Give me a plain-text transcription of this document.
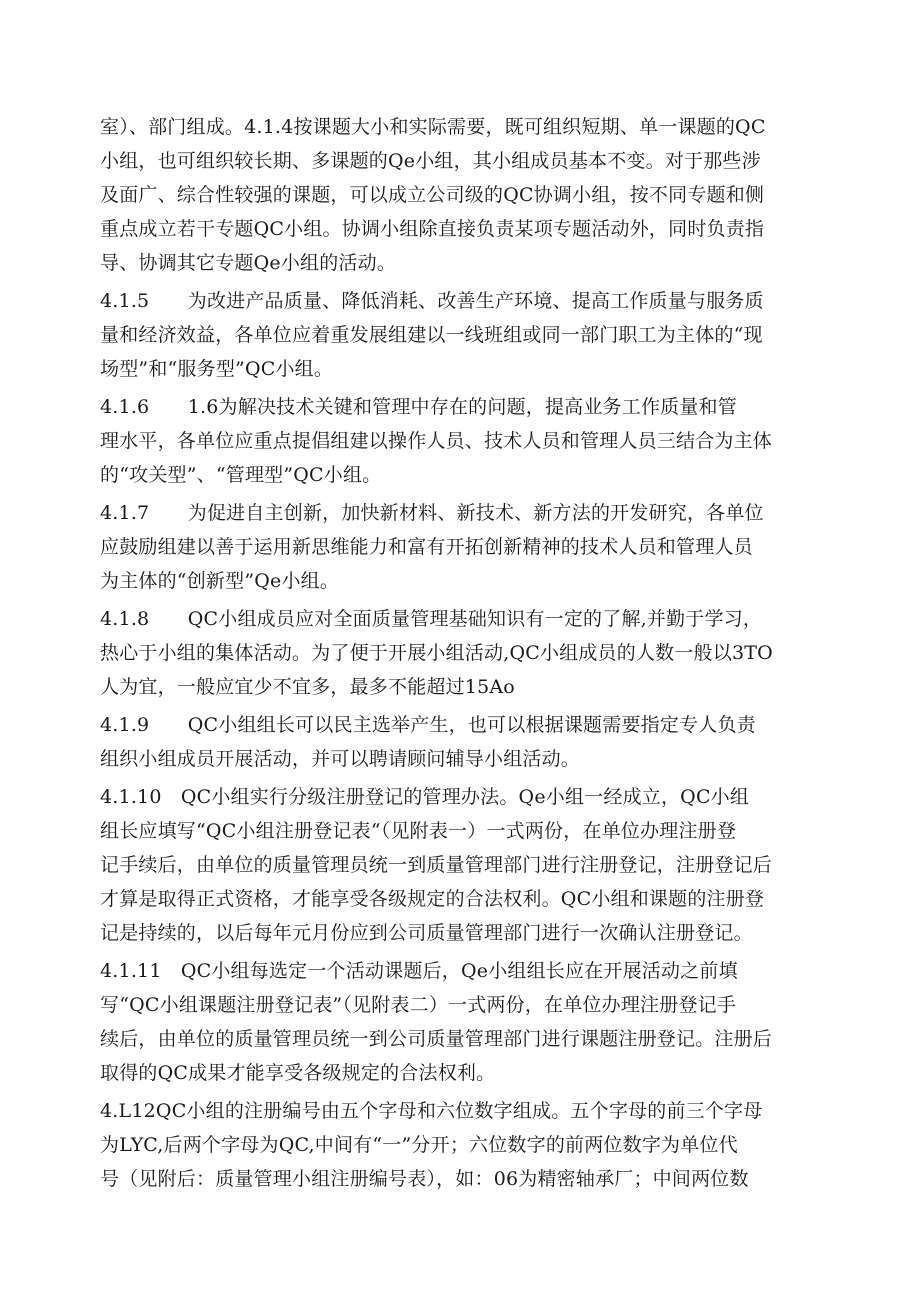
室）、部门组成。4.1.4按课题大小和实际需要，既可组织短期、单一课题的QC
小组，也可组织较长期、多课题的Qe小组，其小组成员基本不变。对于那些涉
及面广、综合性较强的课题，可以成立公司级的QC协调小组，按不同专题和侧
重点成立若干专题QC小组。协调小组除直接负责某项专题活动外，同时负责指
导、协调其它专题Qe小组的活动。
4.1.5　　为改进产品质量、降低消耗、改善生产环境、提高工作质量与服务质
量和经济效益，各单位应着重发展组建以一线班组或同一部门职工为主体的“现
场型”和“服务型”QC小组。
4.1.6　　1.6为解决技术关键和管理中存在的问题，提高业务工作质量和管
理水平，各单位应重点提倡组建以操作人员、技术人员和管理人员三结合为主体
的“攻关型”、“管理型”QC小组。
4.1.7　　为促进自主创新，加快新材料、新技术、新方法的开发研究，各单位
应鼓励组建以善于运用新思维能力和富有开拓创新精神的技术人员和管理人员
为主体的“创新型”Qe小组。
4.1.8　　QC小组成员应对全面质量管理基础知识有一定的了解,并勤于学习，
热心于小组的集体活动。为了便于开展小组活动,QC小组成员的人数一般以3TO
人为宜，一般应宜少不宜多，最多不能超过15Ao
4.1.9　　QC小组组长可以民主选举产生，也可以根据课题需要指定专人负责
组织小组成员开展活动，并可以聘请顾问辅导小组活动。
4.1.10　QC小组实行分级注册登记的管理办法。Qe小组一经成立，QC小组
组长应填写“QC小组注册登记表“（见附表一）一式两份，在单位办理注册登
记手续后，由单位的质量管理员统一到质量管理部门进行注册登记，注册登记后
才算是取得正式资格，才能享受各级规定的合法权利。QC小组和课题的注册登
记是持续的，以后每年元月份应到公司质量管理部门进行一次确认注册登记。
4.1.11　QC小组每选定一个活动课题后，Qe小组组长应在开展活动之前填
写“QC小组课题注册登记表”（见附表二）一式两份，在单位办理注册登记手
续后，由单位的质量管理员统一到公司质量管理部门进行课题注册登记。注册后
取得的QC成果才能享受各级规定的合法权利。
4.L12QC小组的注册编号由五个字母和六位数字组成。五个字母的前三个字母
为LYC,后两个字母为QC,中间有“一”分开；六位数字的前两位数字为单位代
号（见附后：质量管理小组注册编号表），如：06为精密轴承厂；中间两位数
